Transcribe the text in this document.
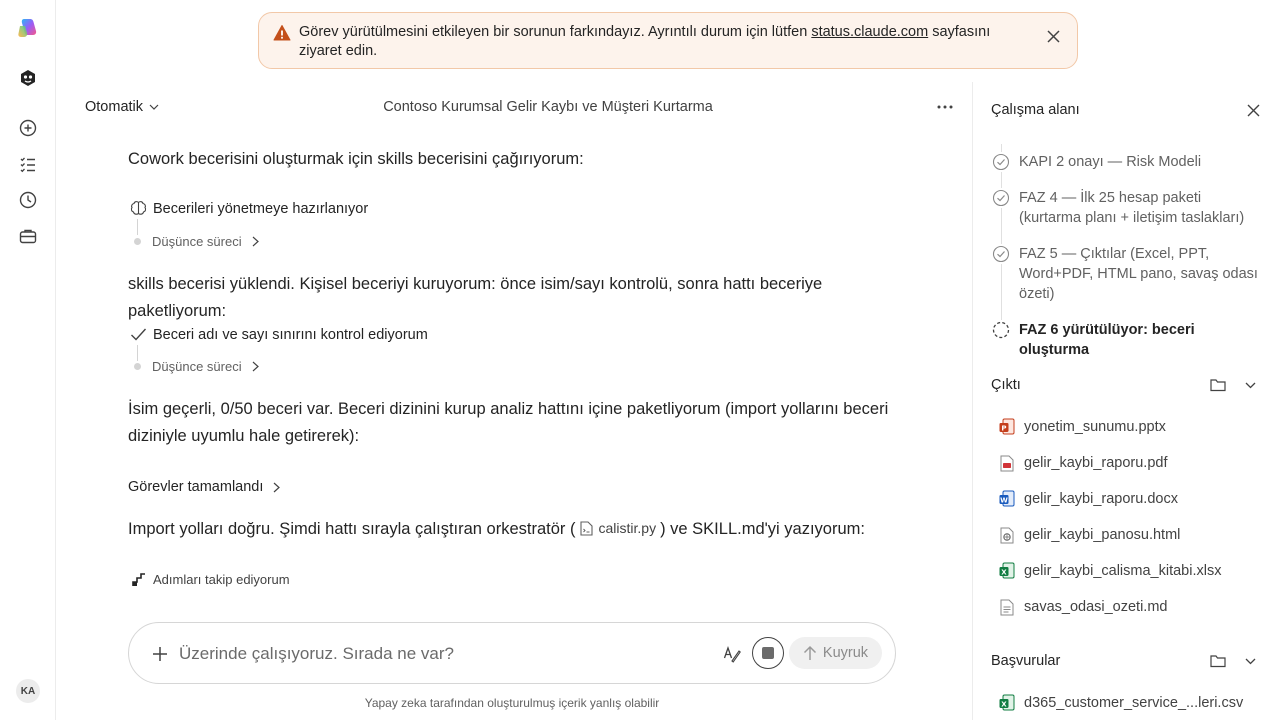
KA
Görev yürütülmesini etkileyen bir sorunun farkındayız. Ayrıntılı durum için lütfen status.claude.com sayfasını ziyaret edin.
Otomatik	Contoso Kurumsal Gelir Kaybı ve Müşteri Kurtarma
Cowork becerisini oluşturmak için skills becerisini çağırıyorum:
Becerileri yönetmeye hazırlanıyor
Düşünce süreci
skills becerisi yüklendi. Kişisel beceriyi kuruyorum: önce isim/sayı kontrolü, sonra hattı beceriye paketliyorum:
Beceri adı ve sayı sınırını kontrol ediyorum
Düşünce süreci
İsim geçerli, 0/50 beceri var. Beceri dizinini kurup analiz hattını içine paketliyorum (import yollarını beceri diziniyle uyumlu hale getirerek):
Görevler tamamlandı
Import yolları doğru. Şimdi hattı sırayla çalıştıran orkestratör ( calistir.py ) ve SKILL.md'yi yazıyorum:
Adımları takip ediyorum
Üzerinde çalışıyoruz. Sırada ne var?
Kuyruk
Yapay zeka tarafından oluşturulmuş içerik yanlış olabilir
Çalışma alanı
KAPI 2 onayı — Risk Modeli
FAZ 4 — İlk 25 hesap paketi (kurtarma planı + iletişim taslakları)
FAZ 5 — Çıktılar (Excel, PPT, Word+PDF, HTML pano, savaş odası özeti)
FAZ 6 yürütülüyor: beceri oluşturma
Çıktı
P yonetim_sunumu.pptx
gelir_kaybi_raporu.pdf
W gelir_kaybi_raporu.docx
gelir_kaybi_panosu.html
X gelir_kaybi_calisma_kitabi.xlsx
savas_odasi_ozeti.md
Başvurular
X d365_customer_service_...leri.csv
